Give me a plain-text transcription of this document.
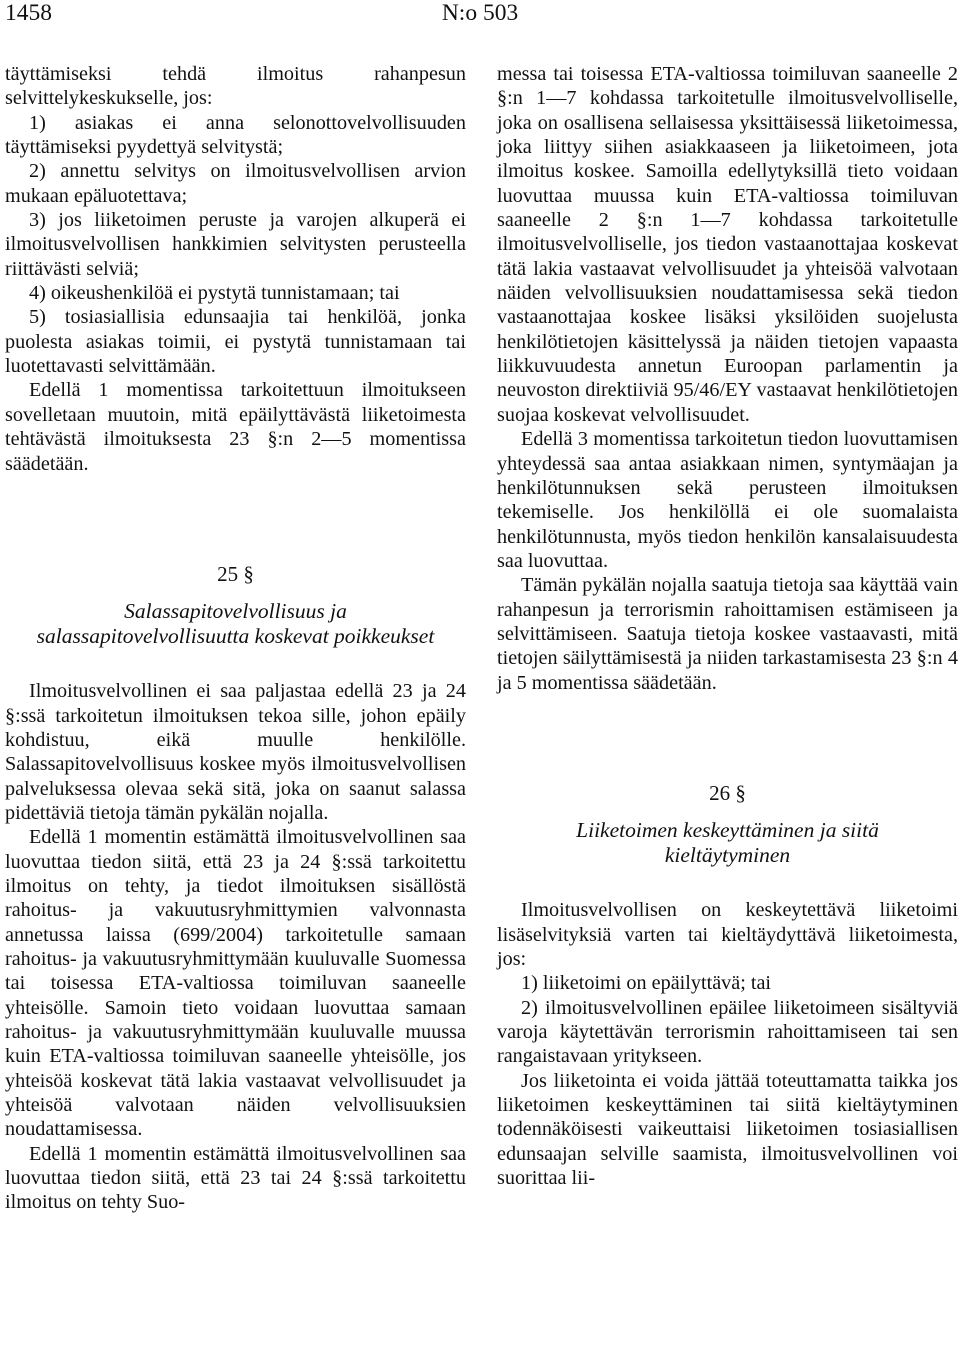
1458	N:o 503

täyttämiseksi tehdä ilmoitus rahanpesun selvittelykeskukselle, jos:

1) asiakas ei anna selonottovelvollisuuden täyttämiseksi pyydettyä selvitystä;

2) annettu selvitys on ilmoitusvelvollisen arvion mukaan epäluotettava;

3) jos liiketoimen peruste ja varojen alkuperä ei ilmoitusvelvollisen hankkimien selvitysten perusteella riittävästi selviä;

4) oikeushenkilöä ei pystytä tunnistamaan; tai

5) tosiasiallisia edunsaajia tai henkilöä, jonka puolesta asiakas toimii, ei pystytä tunnistamaan tai luotettavasti selvittämään.

Edellä 1 momentissa tarkoitettuun ilmoitukseen sovelletaan muutoin, mitä epäilyttävästä liiketoimesta tehtävästä ilmoituksesta 23 §:n 2—5 momentissa säädetään.

25 §
Salassapitovelvollisuus ja salassapitovelvollisuutta koskevat poikkeukset

Ilmoitusvelvollinen ei saa paljastaa edellä 23 ja 24 §:ssä tarkoitetun ilmoituksen tekoa sille, johon epäily kohdistuu, eikä muulle henkilölle. Salassapitovelvollisuus koskee myös ilmoitusvelvollisen palveluksessa olevaa sekä sitä, joka on saanut salassa pidettäviä tietoja tämän pykälän nojalla.

Edellä 1 momentin estämättä ilmoitusvelvollinen saa luovuttaa tiedon siitä, että 23 ja 24 §:ssä tarkoitettu ilmoitus on tehty, ja tiedot ilmoituksen sisällöstä rahoitus- ja vakuutusryhmittymien valvonnasta annetussa laissa (699/2004) tarkoitetulle samaan rahoitus- ja vakuutusryhmittymään kuuluvalle Suomessa tai toisessa ETA-valtiossa toimiluvan saaneelle yhteisölle. Samoin tieto voidaan luovuttaa samaan rahoitus- ja vakuutusryhmittymään kuuluvalle muussa kuin ETA-valtiossa toimiluvan saaneelle yhteisölle, jos yhteisöä koskevat tätä lakia vastaavat velvollisuudet ja yhteisöä valvotaan näiden velvollisuuksien noudattamisessa.

Edellä 1 momentin estämättä ilmoitusvelvollinen saa luovuttaa tiedon siitä, että 23 tai 24 §:ssä tarkoitettu ilmoitus on tehty Suo-

messa tai toisessa ETA-valtiossa toimiluvan saaneelle 2 §:n 1—7 kohdassa tarkoitetulle ilmoitusvelvolliselle, joka on osallisena sellaisessa yksittäisessä liiketoimessa, joka liittyy siihen asiakkaaseen ja liiketoimeen, jota ilmoitus koskee. Samoilla edellytyksillä tieto voidaan luovuttaa muussa kuin ETA-valtiossa toimiluvan saaneelle 2 §:n 1—7 kohdassa tarkoitetulle ilmoitusvelvolliselle, jos tiedon vastaanottajaa koskevat tätä lakia vastaavat velvollisuudet ja yhteisöä valvotaan näiden velvollisuuksien noudattamisessa sekä tiedon vastaanottajaa koskee lisäksi yksilöiden suojelusta henkilötietojen käsittelyssä ja näiden tietojen vapaasta liikkuvuudesta annetun Euroopan parlamentin ja neuvoston direktiiviä 95/46/EY vastaavat henkilötietojen suojaa koskevat velvollisuudet.

Edellä 3 momentissa tarkoitetun tiedon luovuttamisen yhteydessä saa antaa asiakkaan nimen, syntymäajan ja henkilötunnuksen sekä perusteen ilmoituksen tekemiselle. Jos henkilöllä ei ole suomalaista henkilötunnusta, myös tiedon henkilön kansalaisuudesta saa luovuttaa.

Tämän pykälän nojalla saatuja tietoja saa käyttää vain rahanpesun ja terrorismin rahoittamisen estämiseen ja selvittämiseen. Saatuja tietoja koskee vastaavasti, mitä tietojen säilyttämisestä ja niiden tarkastamisesta 23 §:n 4 ja 5 momentissa säädetään.

26 §
Liiketoimen keskeyttäminen ja siitä kieltäytyminen

Ilmoitusvelvollisen on keskeytettävä liiketoimi lisäselvityksiä varten tai kieltäydyttävä liiketoimesta, jos:

1) liiketoimi on epäilyttävä; tai

2) ilmoitusvelvollinen epäilee liiketoimeen sisältyviä varoja käytettävän terrorismin rahoittamiseen tai sen rangaistavaan yritykseen.

Jos liiketointa ei voida jättää toteuttamatta taikka jos liiketoimen keskeyttäminen tai siitä kieltäytyminen todennäköisesti vaikeuttaisi liiketoimen tosiasiallisen edunsaajan selville saamista, ilmoitusvelvollinen voi suorittaa lii-
